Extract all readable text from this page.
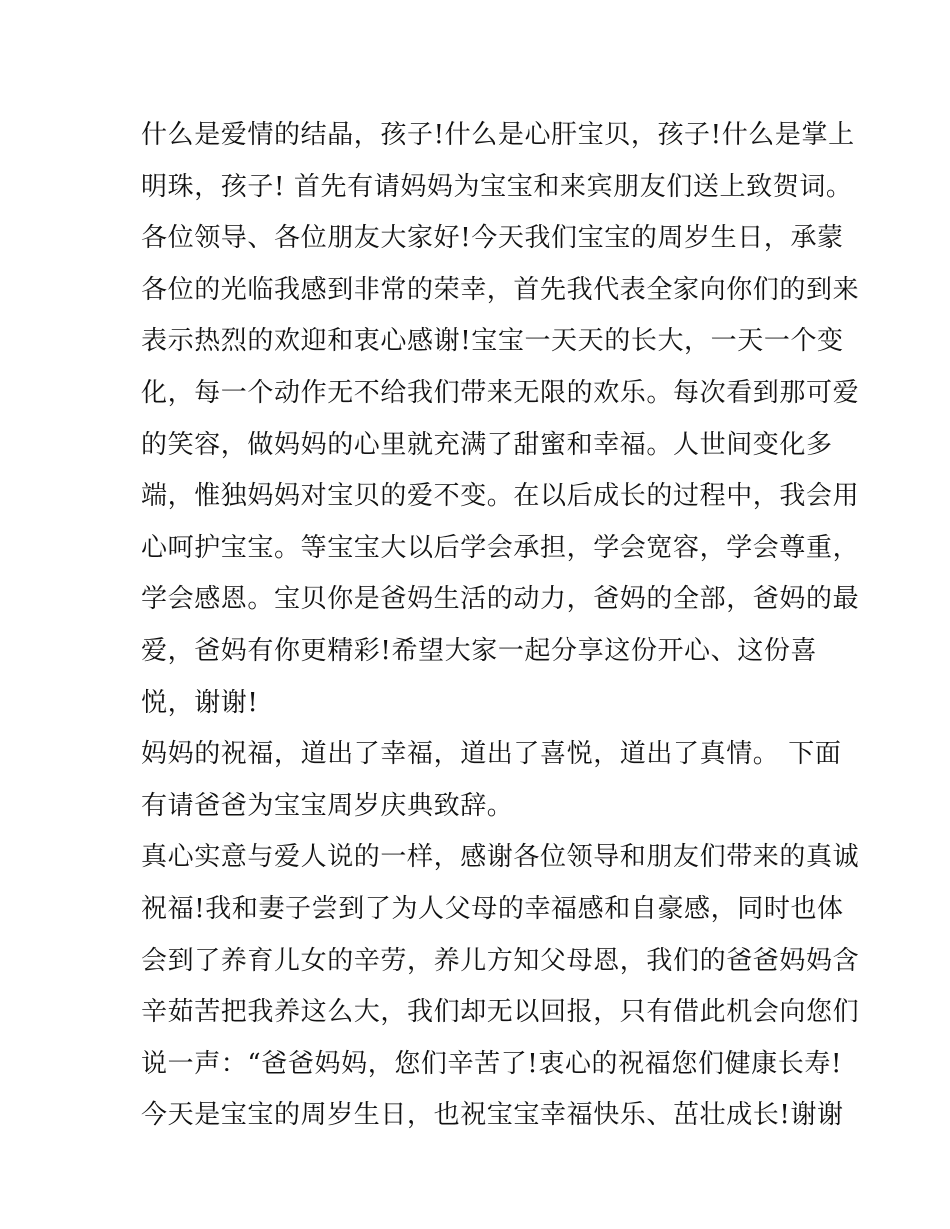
什么是爱情的结晶，孩子!什么是心肝宝贝，孩子!什么是掌上
明珠，孩子! 首先有请妈妈为宝宝和来宾朋友们送上致贺词。
各位领导、各位朋友大家好!今天我们宝宝的周岁生日，承蒙
各位的光临我感到非常的荣幸，首先我代表全家向你们的到来
表示热烈的欢迎和衷心感谢!宝宝一天天的长大，一天一个变
化，每一个动作无不给我们带来无限的欢乐。每次看到那可爱
的笑容，做妈妈的心里就充满了甜蜜和幸福。人世间变化多
端，惟独妈妈对宝贝的爱不变。在以后成长的过程中，我会用
心呵护宝宝。等宝宝大以后学会承担，学会宽容，学会尊重，
学会感恩。宝贝你是爸妈生活的动力，爸妈的全部，爸妈的最
爱，爸妈有你更精彩!希望大家一起分享这份开心、这份喜
悦，谢谢!
妈妈的祝福，道出了幸福，道出了喜悦，道出了真情。 下面
有请爸爸为宝宝周岁庆典致辞。
真心实意与爱人说的一样，感谢各位领导和朋友们带来的真诚
祝福!我和妻子尝到了为人父母的幸福感和自豪感，同时也体
会到了养育儿女的辛劳，养儿方知父母恩，我们的爸爸妈妈含
辛茹苦把我养这么大，我们却无以回报，只有借此机会向您们
说一声：“爸爸妈妈，您们辛苦了!衷心的祝福您们健康长寿!
今天是宝宝的周岁生日，也祝宝宝幸福快乐、茁壮成长!谢谢
